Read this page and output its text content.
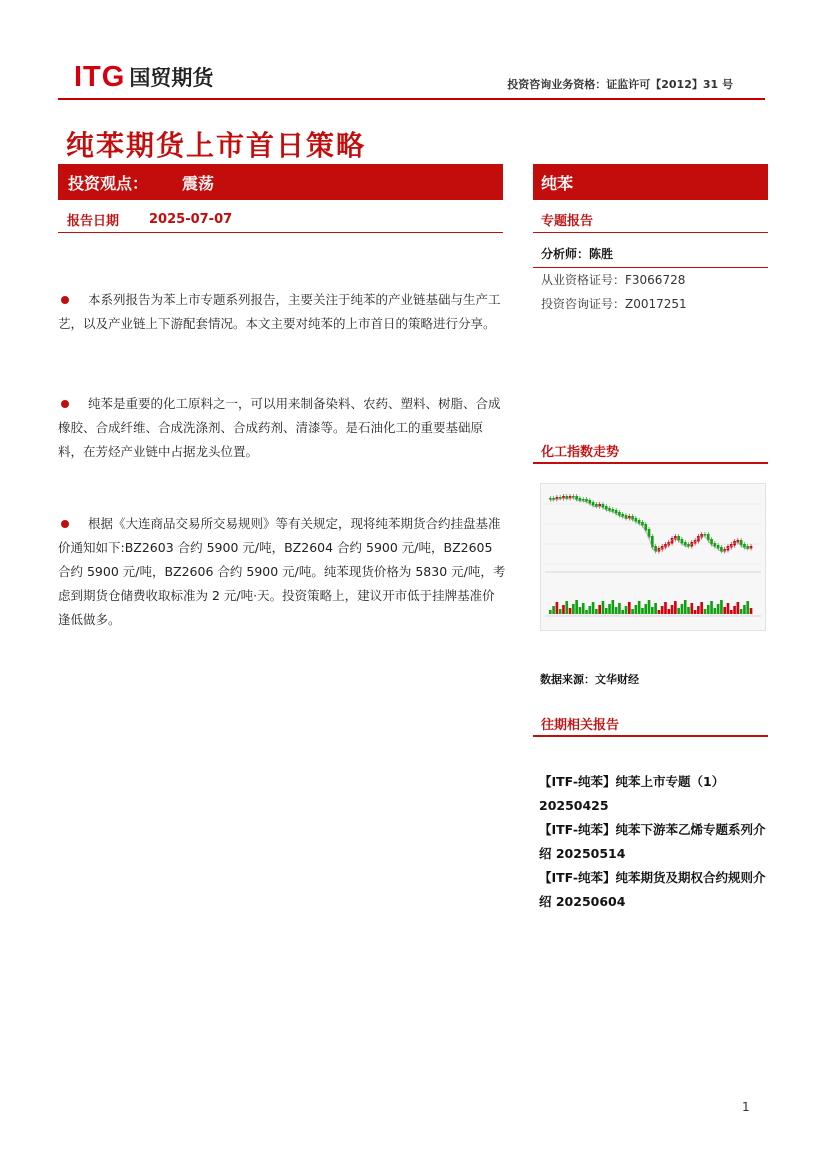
ITG 国贸期货	投资咨询业务资格：证监许可【2012】31 号
纯苯期货上市首日策略
投资观点： 震荡	纯苯
报告日期 2025-07-07	专题报告
分析师：陈胜
从业资格证号：F3066728
投资咨询证号：Z0017251
本系列报告为苯上市专题系列报告，主要关注于纯苯的产业链基础与生产工艺，以及产业链上下游配套情况。本文主要对纯苯的上市首日的策略进行分享。
纯苯是重要的化工原料之一，可以用来制备染料、农药、塑料、树脂、合成橡胶、合成纤维、合成洗涤剂、合成药剂、清漆等。是石油化工的重要基础原料，在芳烃产业链中占据龙头位置。
根据《大连商品交易所交易规则》等有关规定，现将纯苯期货合约挂盘基准价通知如下:BZ2603 合约 5900 元/吨，BZ2604 合约 5900 元/吨，BZ2605 合约 5900 元/吨，BZ2606 合约 5900 元/吨。纯苯现货价格为 5830 元/吨，考虑到期货仓储费收取标准为 2 元/吨·天。投资策略上，建议开市低于挂牌基准价逢低做多。
化工指数走势
数据来源：文华财经
往期相关报告
【ITF-纯苯】纯苯上市专题（1）20250425
【ITF-纯苯】纯苯下游苯乙烯专题系列介绍 20250514
【ITF-纯苯】纯苯期货及期权合约规则介绍 20250604
1
